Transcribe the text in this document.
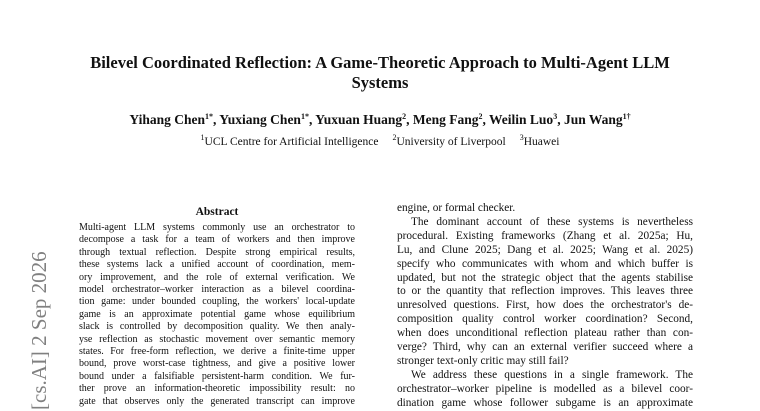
Bilevel Coordinated Reflection: A Game-Theoretic Approach to Multi-Agent LLM
Systems
Yihang Chen$^{1*}$, Yuxiang Chen$^{1*}$, Yuxuan Huang$^2$, Meng Fang$^2$, Weilin Luo$^3$, Jun Wang$^{1\dagger}$
$^1$UCL Centre for Artificial Intelligence $^2$University of Liverpool $^3$Huawei
[cs.AI] 2 Sep 2026
Abstract
Multi-agent LLM systems commonly use an orchestrator to
decompose a task for a team of workers and then improve
through textual reflection. Despite strong empirical results,
these systems lack a unified account of coordination, mem-
ory improvement, and the role of external verification. We
model orchestrator–worker interaction as a bilevel coordina-
tion game: under bounded coupling, the workers' local-update
game is an approximate potential game whose equilibrium
slack is controlled by decomposition quality. We then analy-
yse reflection as stochastic movement over semantic memory
states. For free-form reflection, we derive a finite-time upper
bound, prove worst-case tightness, and give a positive lower
bound under a falsifiable persistent-harm condition. We fur-
ther prove an information-theoretic impossibility result: no
gate that observes only the generated transcript can improve
engine, or formal checker.
The dominant account of these systems is nevertheless
procedural. Existing frameworks (Zhang et al. 2025a; Hu,
Lu, and Clune 2025; Dang et al. 2025; Wang et al. 2025)
specify who communicates with whom and which buffer is
updated, but not the strategic object that the agents stabilise
to or the quantity that reflection improves. This leaves three
unresolved questions. First, how does the orchestrator's de-
composition quality control worker coordination? Second,
when does unconditional reflection plateau rather than con-
verge? Third, why can an external verifier succeed where a
stronger text-only critic may still fail?
We address these questions in a single framework. The
orchestrator–worker pipeline is modelled as a bilevel coor-
dination game whose follower subgame is an approximate
